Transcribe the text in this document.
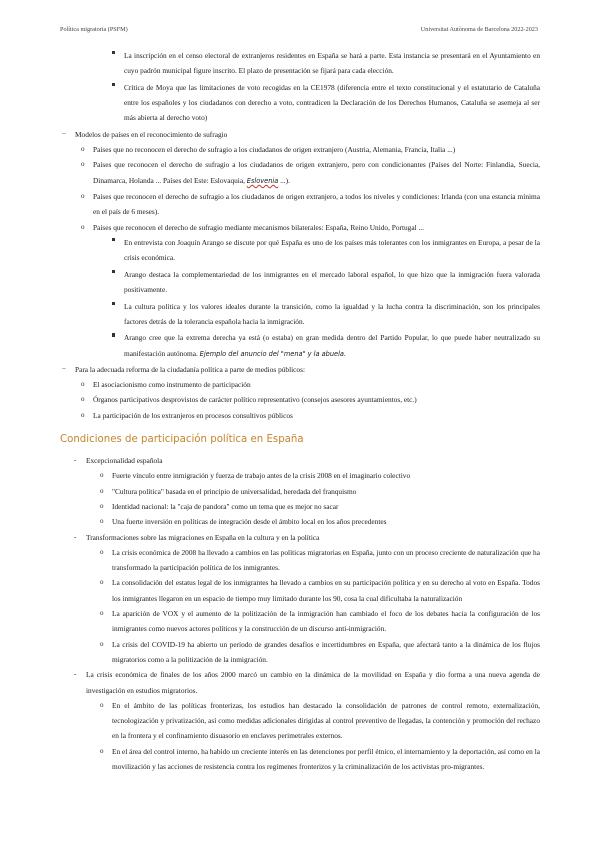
Política migratoria (PSFM)	Universitat Autònoma de Barcelona 2022-2023
La inscripción en el censo electoral de extranjeros residentes en España se hará a parte. Esta instancia se presentará en el Ayuntamiento en cuyo padrón municipal figure inscrito. El plazo de presentación se fijará para cada elección.
Crítica de Moya que las limitaciones de voto recogidas en la CE1978 (diferencia entre el texto constitucional y el estatutario de Cataluña entre los españoles y los ciudadanos con derecho a voto, contradicen la Declaración de los Derechos Humanos, Cataluña se asemeja al ser más abierta al derecho voto)
− Modelos de países en el reconocimiento de sufragio
o Países que no reconocen el derecho de sufragio a los ciudadanos de origen extranjero (Austria, Alemania, Francia, Italia ...)
o Países que reconocen el derecho de sufragio a los ciudadanos de origen extranjero, pero con condicionantes (Países del Norte: Finlandia, Suecia, Dinamarca, Holanda ... Países del Este: Eslovaquia, Eslovenia ...).
o Países que reconocen el derecho de sufragio a los ciudadanos de origen extranjero, a todos los niveles y condiciones: Irlanda (con una estancia mínima en el país de 6 meses).
o Países que reconocen el derecho de sufragio mediante mecanismos bilaterales: España, Reino Unido, Portugal ...
En entrevista con Joaquín Arango se discute por qué España es uno de los países más tolerantes con los inmigrantes en Europa, a pesar de la crisis económica.
Arango destaca la complementariedad de los inmigrantes en el mercado laboral español, lo que hizo que la inmigración fuera valorada positivamente.
La cultura política y los valores ideales durante la transición, como la igualdad y la lucha contra la discriminación, son los principales factores detrás de la tolerancia española hacia la inmigración.
Arango cree que la extrema derecha ya está (o estaba) en gran medida dentro del Partido Popular, lo que puede haber neutralizado su manifestación autónoma. Ejemplo del anuncio del "mena" y la abuela.
− Para la adecuada reforma de la ciudadanía política a parte de medios públicos:
o El asociacionismo como instrumento de participación
o Órganos participativos desprovistos de carácter político representativo (consejos asesores ayuntamientos, etc.)
o La participación de los extranjeros en procesos consultivos públicos
Condiciones de participación política en España
- Excepcionalidad española
o Fuerte vínculo entre inmigración y fuerza de trabajo antes de la crisis 2008 en el imaginario colectivo
o "Cultura política" basada en el principio de universalidad, heredada del franquismo
o Identidad nacional: la "caja de pandora" como un tema que es mejor no sacar
o Una fuerte inversión en políticas de integración desde el ámbito local en los años precedentes
- Transformaciones sobre las migraciones en España en la cultura y en la política
o La crisis económica de 2008 ha llevado a cambios en las políticas migratorias en España, junto con un proceso creciente de naturalización que ha transformado la participación política de los inmigrantes.
o La consolidación del estatus legal de los inmigrantes ha llevado a cambios en su participación política y en su derecho al voto en España. Todos los inmigrantes llegaron en un espacio de tiempo muy limitado durante los 90, cosa la cual dificultaba la naturalización
o La aparición de VOX y el aumento de la politización de la inmigración han cambiado el foco de los debates hacia la configuración de los inmigrantes como nuevos actores políticos y la construcción de un discurso anti-inmigración.
o La crisis del COVID-19 ha abierto un período de grandes desafíos e incertidumbres en España, que afectará tanto a la dinámica de los flujos migratorios como a la politización de la inmigración.
- La crisis económica de finales de los años 2000 marcó un cambio en la dinámica de la movilidad en España y dio forma a una nueva agenda de investigación en estudios migratorios.
o En el ámbito de las políticas fronterizas, los estudios han destacado la consolidación de patrones de control remoto, externalización, tecnologización y privatización, así como medidas adicionales dirigidas al control preventivo de llegadas, la contención y promoción del rechazo en la frontera y el confinamiento disuasorio en enclaves perimetrales externos.
o En el área del control interno, ha habido un creciente interés en las detenciones por perfil étnico, el internamiento y la deportación, así como en la movilización y las acciones de resistencia contra los regímenes fronterizos y la criminalización de los activistas pro-migrantes.
